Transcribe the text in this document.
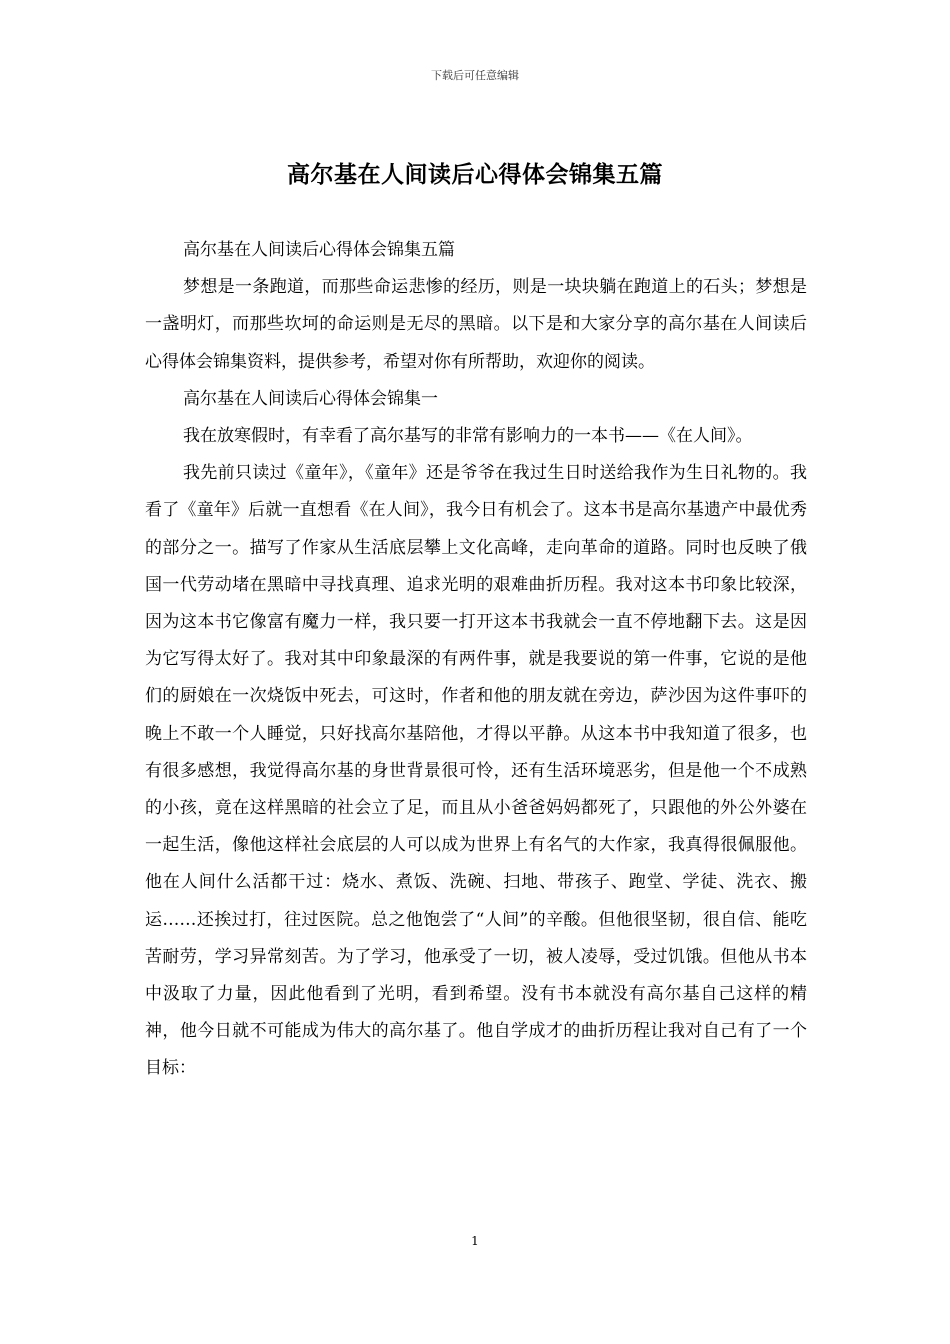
下载后可任意编辑
高尔基在人间读后心得体会锦集五篇

高尔基在人间读后心得体会锦集五篇

梦想是一条跑道，而那些命运悲惨的经历，则是一块块躺在跑道上的石头；梦想是一盏明灯，而那些坎坷的命运则是无尽的黑暗。以下是和大家分享的高尔基在人间读后心得体会锦集资料，提供参考，希望对你有所帮助，欢迎你的阅读。

高尔基在人间读后心得体会锦集一

我在放寒假时，有幸看了高尔基写的非常有影响力的一本书——《在人间》。

我先前只读过《童年》，《童年》还是爷爷在我过生日时送给我作为生日礼物的。我看了《童年》后就一直想看《在人间》，我今日有机会了。这本书是高尔基遗产中最优秀的部分之一。描写了作家从生活底层攀上文化高峰，走向革命的道路。同时也反映了俄国一代劳动堵在黑暗中寻找真理、追求光明的艰难曲折历程。我对这本书印象比较深，因为这本书它像富有魔力一样，我只要一打开这本书我就会一直不停地翻下去。这是因为它写得太好了。我对其中印象最深的有两件事，就是我要说的第一件事，它说的是他们的厨娘在一次烧饭中死去，可这时，作者和他的朋友就在旁边，萨沙因为这件事吓的晚上不敢一个人睡觉，只好找高尔基陪他，才得以平静。从这本书中我知道了很多，也有很多感想，我觉得高尔基的身世背景很可怜，还有生活环境恶劣，但是他一个不成熟的小孩，竟在这样黑暗的社会立了足，而且从小爸爸妈妈都死了，只跟他的外公外婆在一起生活，像他这样社会底层的人可以成为世界上有名气的大作家，我真得很佩服他。他在人间什么活都干过：烧水、煮饭、洗碗、扫地、带孩子、跑堂、学徒、洗衣、搬运……还挨过打，往过医院。总之他饱尝了“人间”的辛酸。但他很坚韧，很自信、能吃苦耐劳，学习异常刻苦。为了学习，他承受了一切，被人凌辱，受过饥饿。但他从书本中汲取了力量，因此他看到了光明，看到希望。没有书本就没有高尔基自己这样的精神，他今日就不可能成为伟大的高尔基了。他自学成才的曲折历程让我对自己有了一个目标：

1
